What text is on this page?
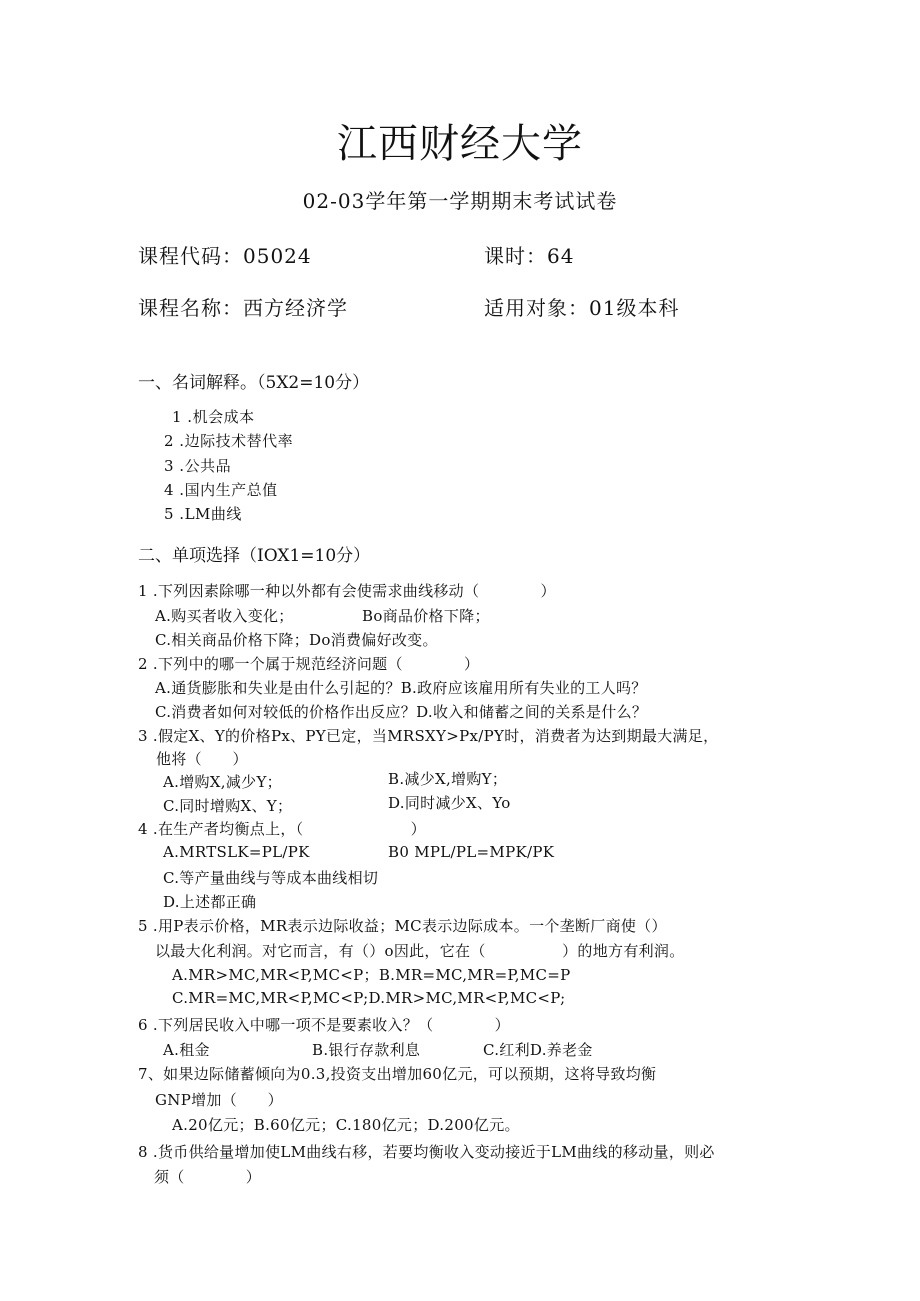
江西财经大学
02-03学年第一学期期末考试试卷
课程代码：05024	课时：64
课程名称：西方经济学	适用对象：01级本科
一、名词解释。（5X2=10分）
1 .机会成本
2 .边际技术替代率
3 .公共品
4 .国内生产总值
5 .LM曲线
二、单项选择（IOX1=10分）
1 .下列因素除哪一种以外都有会使需求曲线移动（　　　　）
A.购买者收入变化；	Bo商品价格下降；
C.相关商品价格下降；Do消费偏好改变。
2 .下列中的哪一个属于规范经济问题（　　　　）
A.通货膨胀和失业是由什么引起的？B.政府应该雇用所有失业的工人吗？
C.消费者如何对较低的价格作出反应？D.收入和储蓄之间的关系是什么？
3 .假定X、Y的价格Px、PY已定，当MRSXY>Px/PY时，消费者为达到期最大满足，
他将（　　）
A.增购X,减少Y；	B.减少X,增购Y；
C.同时增购X、Y；	D.同时减少X、Yo
4 .在生产者均衡点上，（　　　　　　　）
A.MRTSLK=PL/PK	B0 MPL/PL=MPK/PK
C.等产量曲线与等成本曲线相切
D.上述都正确
5 .用P表示价格，MR表示边际收益；MC表示边际成本。一个垄断厂商使（）
以最大化利润。对它而言，有（）o因此，它在（　　　　　）的地方有利润。
A.MR>MC,MR<P,MC<P；B.MR=MC,MR=P,MC=P
C.MR=MC,MR<P,MC<P;D.MR>MC,MR<P,MC<P;
6 .下列居民收入中哪一项不是要素收入？（　　　　）
A.租金	B.银行存款利息	C.红利D.养老金
7、如果边际储蓄倾向为0.3,投资支出增加60亿元，可以预期，这将导致均衡
GNP增加（　　）
A.20亿元；B.60亿元；C.180亿元；D.200亿元。
8 .货币供给量增加使LM曲线右移，若要均衡收入变动接近于LM曲线的移动量，则必
须（　　　　）
